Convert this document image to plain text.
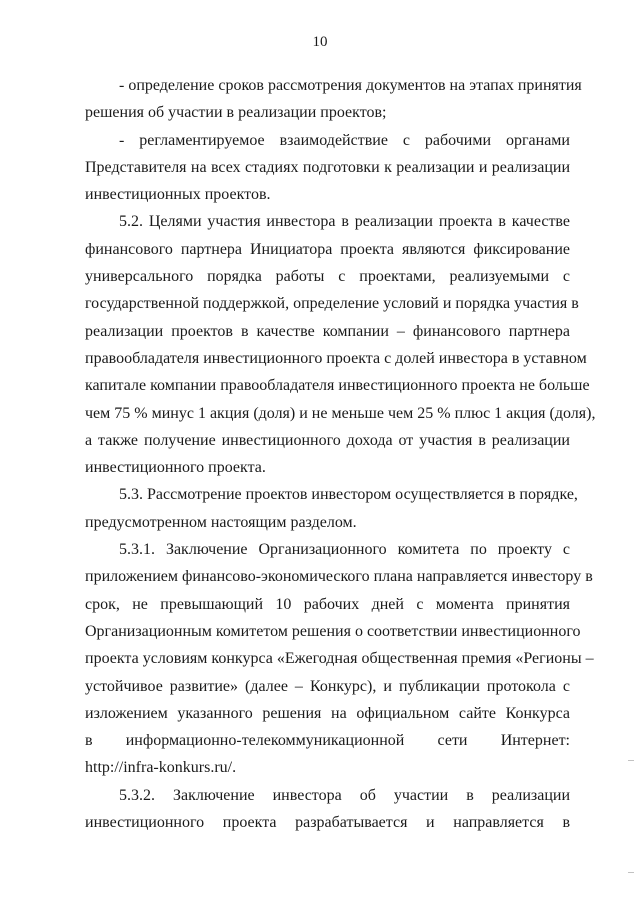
10
- определение сроков рассмотрения документов на этапах принятия
решения об участии в реализации проектов;
- регламентируемое взаимодействие с рабочими органами
Представителя на всех стадиях подготовки к реализации и реализации
инвестиционных проектов.
5.2. Целями участия инвестора в реализации проекта в качестве
финансового партнера Инициатора проекта являются фиксирование
универсального порядка работы с проектами, реализуемыми с
государственной поддержкой, определение условий и порядка участия в
реализации проектов в качестве компании – финансового партнера
правообладателя инвестиционного проекта с долей инвестора в уставном
капитале компании правообладателя инвестиционного проекта не больше
чем 75 % минус 1 акция (доля) и не меньше чем 25 % плюс 1 акция (доля),
а также получение инвестиционного дохода от участия в реализации
инвестиционного проекта.
5.3. Рассмотрение проектов инвестором осуществляется в порядке,
предусмотренном настоящим разделом.
5.3.1. Заключение Организационного комитета по проекту с
приложением финансово-экономического плана направляется инвестору в
срок, не превышающий 10 рабочих дней с момента принятия
Организационным комитетом решения о соответствии инвестиционного
проекта условиям конкурса «Ежегодная общественная премия «Регионы –
устойчивое развитие» (далее – Конкурс), и публикации протокола с
изложением указанного решения на официальном сайте Конкурса
в информационно-телекоммуникационной сети Интернет:
http://infra-konkurs.ru/.
5.3.2. Заключение инвестора об участии в реализации
инвестиционного проекта разрабатывается и направляется в
